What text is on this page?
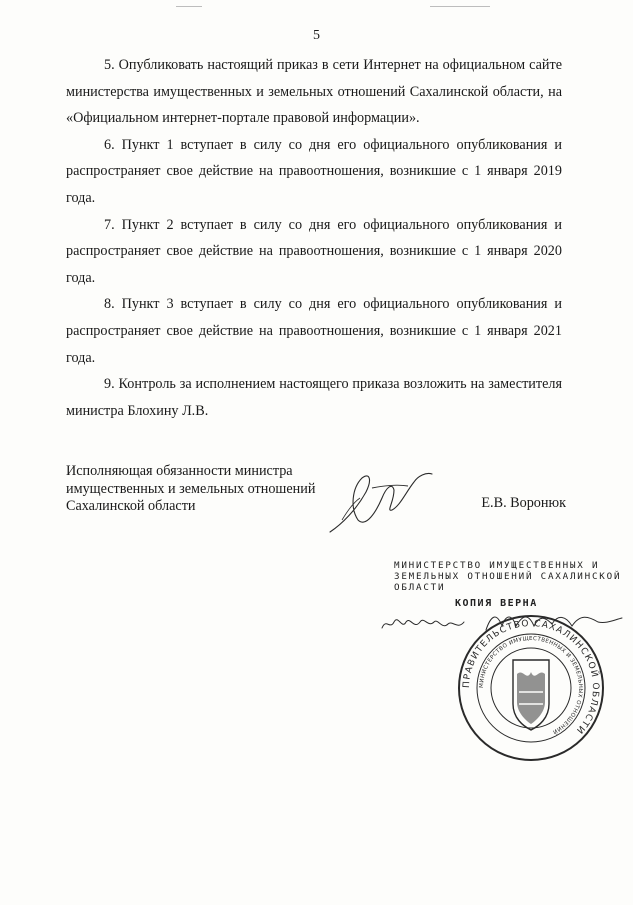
5

5. Опубликовать настоящий приказ в сети Интернет на официальном сайте министерства имущественных и земельных отношений Сахалинской области, на «Официальном интернет-портале правовой информации».

6. Пункт 1 вступает в силу со дня его официального опубликования и распространяет свое действие на правоотношения, возникшие с 1 января 2019 года.

7. Пункт 2 вступает в силу со дня его официального опубликования и распространяет свое действие на правоотношения, возникшие с 1 января 2020 года.

8. Пункт 3 вступает в силу со дня его официального опубликования и распространяет свое действие на правоотношения, возникшие с 1 января 2021 года.

9. Контроль за исполнением настоящего приказа возложить на заместителя министра Блохину Л.В.

Исполняющая обязанности министра
имущественных и земельных отношений
Сахалинской области	Е.В. Воронюк
МИНИСТЕРСТВО ИМУЩЕСТВЕННЫХ И
ЗЕМЕЛЬНЫХ ОТНОШЕНИЙ САХАЛИНСКОЙ
ОБЛАСТИ
КОПИЯ ВЕРНА
ПРАВИТЕЛЬСТВО САХАЛИНСКОЙ ОБЛАСТИ
МИНИСТЕРСТВО ИМУЩЕСТВЕННЫХ И ЗЕМЕЛЬНЫХ ОТНОШЕНИЙ
